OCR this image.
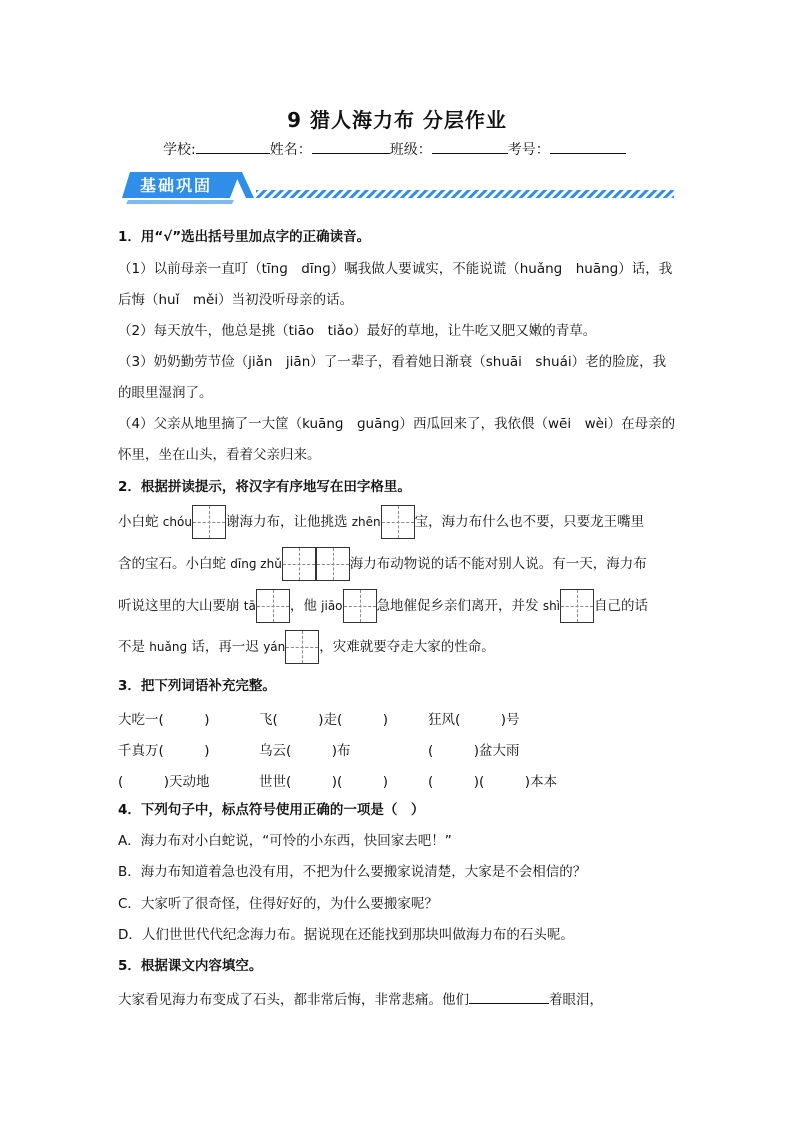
9 猎人海力布 分层作业
学校:	姓名：	班级：	考号：
基础巩固
1．用“√”选出括号里加点字的正确读音。
（1）以前母亲一直叮（tīnɡ　dīnɡ）嘱我做人要诚实，不能说谎（huǎnɡ　huānɡ）话，我
后悔（huǐ　měi）当初没听母亲的话。
（2）每天放牛，他总是挑（tiāo　tiǎo）最好的草地，让牛吃又肥又嫩的青草。
（3）奶奶勤劳节俭（jiǎn　jiān）了一辈子，看着她日渐衰（shuāi　shuái）老的脸庞，我
的眼里湿润了。
（4）父亲从地里摘了一大筐（kuānɡ　ɡuānɡ）西瓜回来了，我依偎（wēi　wèi）在母亲的
怀里，坐在山头，看着父亲归来。
2．根据拼读提示，将汉字有序地写在田字格里。
小白蛇 chóu	谢海力布，让他挑选 zhēn	宝，海力布什么也不要，只要龙王嘴里
含的宝石。小白蛇 dīnɡ zhǔ	海力布动物说的话不能对别人说。有一天，海力布
听说这里的大山要崩 tā	，他 jiāo	急地催促乡亲们离开，并发 shì	自己的话
不是 huǎnɡ 话，再一迟 yán	，灾难就要夺走大家的性命。
3．把下列词语补充完整。
大吃一(　　　)	飞(　　　)走(　　　)	狂风(　　　)号
千真万(　　　)	乌云(　　　)布	(　　　)盆大雨
(　　　)天动地	世世(　　　)(　　　)	(　　　)(　　　)本本
4．下列句子中，标点符号使用正确的一项是（　）
A．海力布对小白蛇说，“可怜的小东西，快回家去吧！”
B．海力布知道着急也没有用，不把为什么要搬家说清楚，大家是不会相信的？
C．大家听了很奇怪，住得好好的，为什么要搬家呢？
D．人们世世代代纪念海力布。据说现在还能找到那块叫做海力布的石头呢。
5．根据课文内容填空。
大家看见海力布变成了石头，都非常后悔，非常悲痛。他们	着眼泪，
